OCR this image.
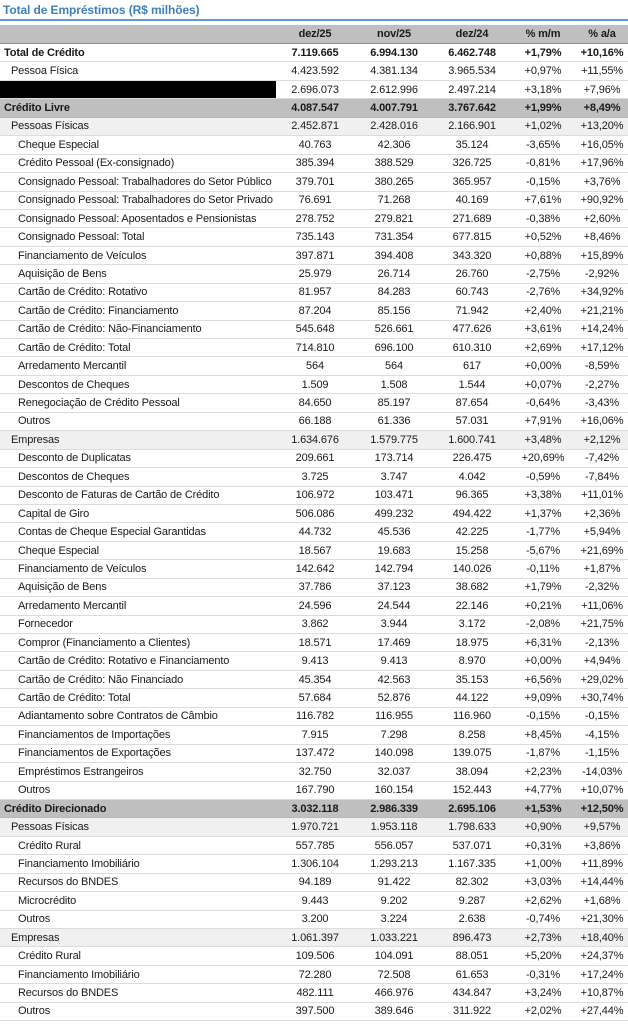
Total de Empréstimos (R$ milhões)
	dez/25	nov/25	dez/24	% m/m	% a/a
Total de Crédito	7.119.665	6.994.130	6.462.748	+1,79%	+10,16%
Pessoa Física	4.423.592	4.381.134	3.965.534	+0,97%	+11,55%

	2.696.073	2.612.996	2.497.214	+3,18%	+7,96%
Crédito Livre	4.087.547	4.007.791	3.767.642	+1,99%	+8,49%
Pessoas Físicas	2.452.871	2.428.016	2.166.901	+1,02%	+13,20%
Cheque Especial	40.763	42.306	35.124	-3,65%	+16,05%
Crédito Pessoal (Ex-consignado)	385.394	388.529	326.725	-0,81%	+17,96%
Consignado Pessoal: Trabalhadores do Setor Público	379.701	380.265	365.957	-0,15%	+3,76%
Consignado Pessoal: Trabalhadores do Setor Privado	76.691	71.268	40.169	+7,61%	+90,92%
Consignado Pessoal: Aposentados e Pensionistas	278.752	279.821	271.689	-0,38%	+2,60%
Consignado Pessoal: Total	735.143	731.354	677.815	+0,52%	+8,46%
Financiamento de Veículos	397.871	394.408	343.320	+0,88%	+15,89%
Aquisição de Bens	25.979	26.714	26.760	-2,75%	-2,92%
Cartão de Crédito: Rotativo	81.957	84.283	60.743	-2,76%	+34,92%
Cartão de Crédito: Financiamento	87.204	85.156	71.942	+2,40%	+21,21%
Cartão de Crédito: Não-Financiamento	545.648	526.661	477.626	+3,61%	+14,24%
Cartão de Crédito: Total	714.810	696.100	610.310	+2,69%	+17,12%
Arredamento Mercantil	564	564	617	+0,00%	-8,59%
Descontos de Cheques	1.509	1.508	1.544	+0,07%	-2,27%
Renegociação de Crédito Pessoal	84.650	85.197	87.654	-0,64%	-3,43%
Outros	66.188	61.336	57.031	+7,91%	+16,06%
Empresas	1.634.676	1.579.775	1.600.741	+3,48%	+2,12%
Desconto de Duplicatas	209.661	173.714	226.475	+20,69%	-7,42%
Descontos de Cheques	3.725	3.747	4.042	-0,59%	-7,84%
Desconto de Faturas de Cartão de Crédito	106.972	103.471	96.365	+3,38%	+11,01%
Capital de Giro	506.086	499.232	494.422	+1,37%	+2,36%
Contas de Cheque Especial Garantidas	44.732	45.536	42.225	-1,77%	+5,94%
Cheque Especial	18.567	19.683	15.258	-5,67%	+21,69%
Financiamento de Veículos	142.642	142.794	140.026	-0,11%	+1,87%
Aquisição de Bens	37.786	37.123	38.682	+1,79%	-2,32%
Arredamento Mercantil	24.596	24.544	22.146	+0,21%	+11,06%
Fornecedor	3.862	3.944	3.172	-2,08%	+21,75%
Compror (Financiamento a Clientes)	18.571	17.469	18.975	+6,31%	-2,13%
Cartão de Crédito: Rotativo e Financiamento	9.413	9.413	8.970	+0,00%	+4,94%
Cartão de Crédito: Não Financiado	45.354	42.563	35.153	+6,56%	+29,02%
Cartão de Crédito: Total	57.684	52.876	44.122	+9,09%	+30,74%
Adiantamento sobre Contratos de Câmbio	116.782	116.955	116.960	-0,15%	-0,15%
Financiamentos de Importações	7.915	7.298	8.258	+8,45%	-4,15%
Financiamentos de Exportações	137.472	140.098	139.075	-1,87%	-1,15%
Empréstimos Estrangeiros	32.750	32.037	38.094	+2,23%	-14,03%
Outros	167.790	160.154	152.443	+4,77%	+10,07%
Crédito Direcionado	3.032.118	2.986.339	2.695.106	+1,53%	+12,50%
Pessoas Físicas	1.970.721	1.953.118	1.798.633	+0,90%	+9,57%
Crédito Rural	557.785	556.057	537.071	+0,31%	+3,86%
Financiamento Imobiliário	1.306.104	1.293.213	1.167.335	+1,00%	+11,89%
Recursos do BNDES	94.189	91.422	82.302	+3,03%	+14,44%
Microcrédito	9.443	9.202	9.287	+2,62%	+1,68%
Outros	3.200	3.224	2.638	-0,74%	+21,30%
Empresas	1.061.397	1.033.221	896.473	+2,73%	+18,40%
Crédito Rural	109.506	104.091	88.051	+5,20%	+24,37%
Financiamento Imobiliário	72.280	72.508	61.653	-0,31%	+17,24%
Recursos do BNDES	482.111	466.976	434.847	+3,24%	+10,87%
Outros	397.500	389.646	311.922	+2,02%	+27,44%
